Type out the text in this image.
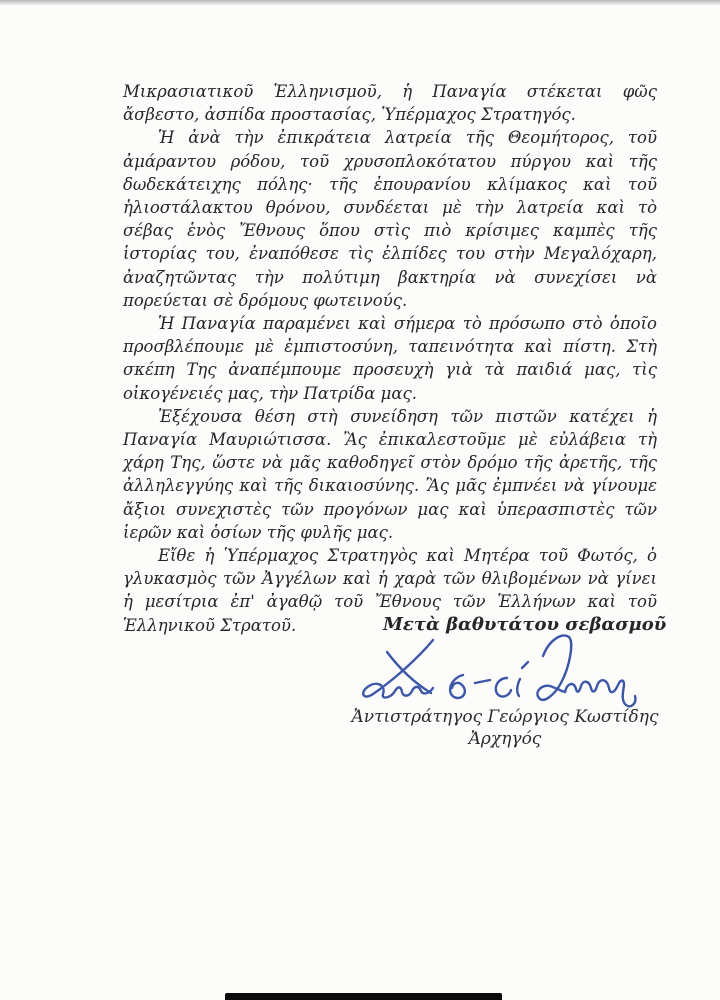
Μικρασιατικοῦ Ἑλληνισμοῦ, ἡ Παναγία στέκεται φῶς ἄσβεστο, ἀσπίδα προστασίας, Ὑπέρμαχος Στρατηγός.

Ἡ ἀνὰ τὴν ἐπικράτεια λατρεία τῆς Θεομήτορος, τοῦ ἀμάραντου ρόδου, τοῦ χρυσοπλοκότατου πύργου καὶ τῆς δωδεκάτειχης πόλης· τῆς ἐπουρανίου κλίμακος καὶ τοῦ ἡλιοστάλακτου θρόνου, συνδέεται μὲ τὴν λατρεία καὶ τὸ σέβας ἑνὸς Ἔθνους ὅπου στὶς πιὸ κρίσιμες καμπὲς τῆς ἱστορίας του, ἐναπόθεσε τὶς ἐλπίδες του στὴν Μεγαλόχαρη, ἀναζητῶντας τὴν πολύτιμη βακτηρία νὰ συνεχίσει νὰ πορεύεται σὲ δρόμους φωτεινούς.

Ἡ Παναγία παραμένει καὶ σήμερα τὸ πρόσωπο στὸ ὁποῖο προσβλέπουμε μὲ ἐμπιστοσύνη, ταπεινότητα καὶ πίστη. Στὴ σκέπη Της ἀναπέμπουμε προσευχὴ γιὰ τὰ παιδιά μας, τὶς οἰκογένειές μας, τὴν Πατρίδα μας.

Ἐξέχουσα θέση στὴ συνείδηση τῶν πιστῶν κατέχει ἡ Παναγία Μαυριώτισσα. Ἂς ἐπικαλεστοῦμε μὲ εὐλάβεια τὴ χάρη Της, ὥστε νὰ μᾶς καθοδηγεῖ στὸν δρόμο τῆς ἀρετῆς, τῆς ἀλληλεγγύης καὶ τῆς δικαιοσύνης. Ἂς μᾶς ἐμπνέει νὰ γίνουμε ἄξιοι συνεχιστὲς τῶν προγόνων μας καὶ ὑπερασπιστὲς τῶν ἱερῶν καὶ ὁσίων τῆς φυλῆς μας.

Εἴθε ἡ Ὑπέρμαχος Στρατηγὸς καὶ Μητέρα τοῦ Φωτός, ὁ γλυκασμὸς τῶν Ἀγγέλων καὶ ἡ χαρὰ τῶν θλιβομένων νὰ γίνει ἡ μεσίτρια ἐπ' ἀγαθῷ τοῦ Ἔθνους τῶν Ἑλλήνων καὶ τοῦ Ἑλληνικοῦ Στρατοῦ.	Μετὰ βαθυτάτου σεβασμοῦ
Ἀντιστράτηγος Γεώργιος Κωστίδης
Ἀρχηγός
